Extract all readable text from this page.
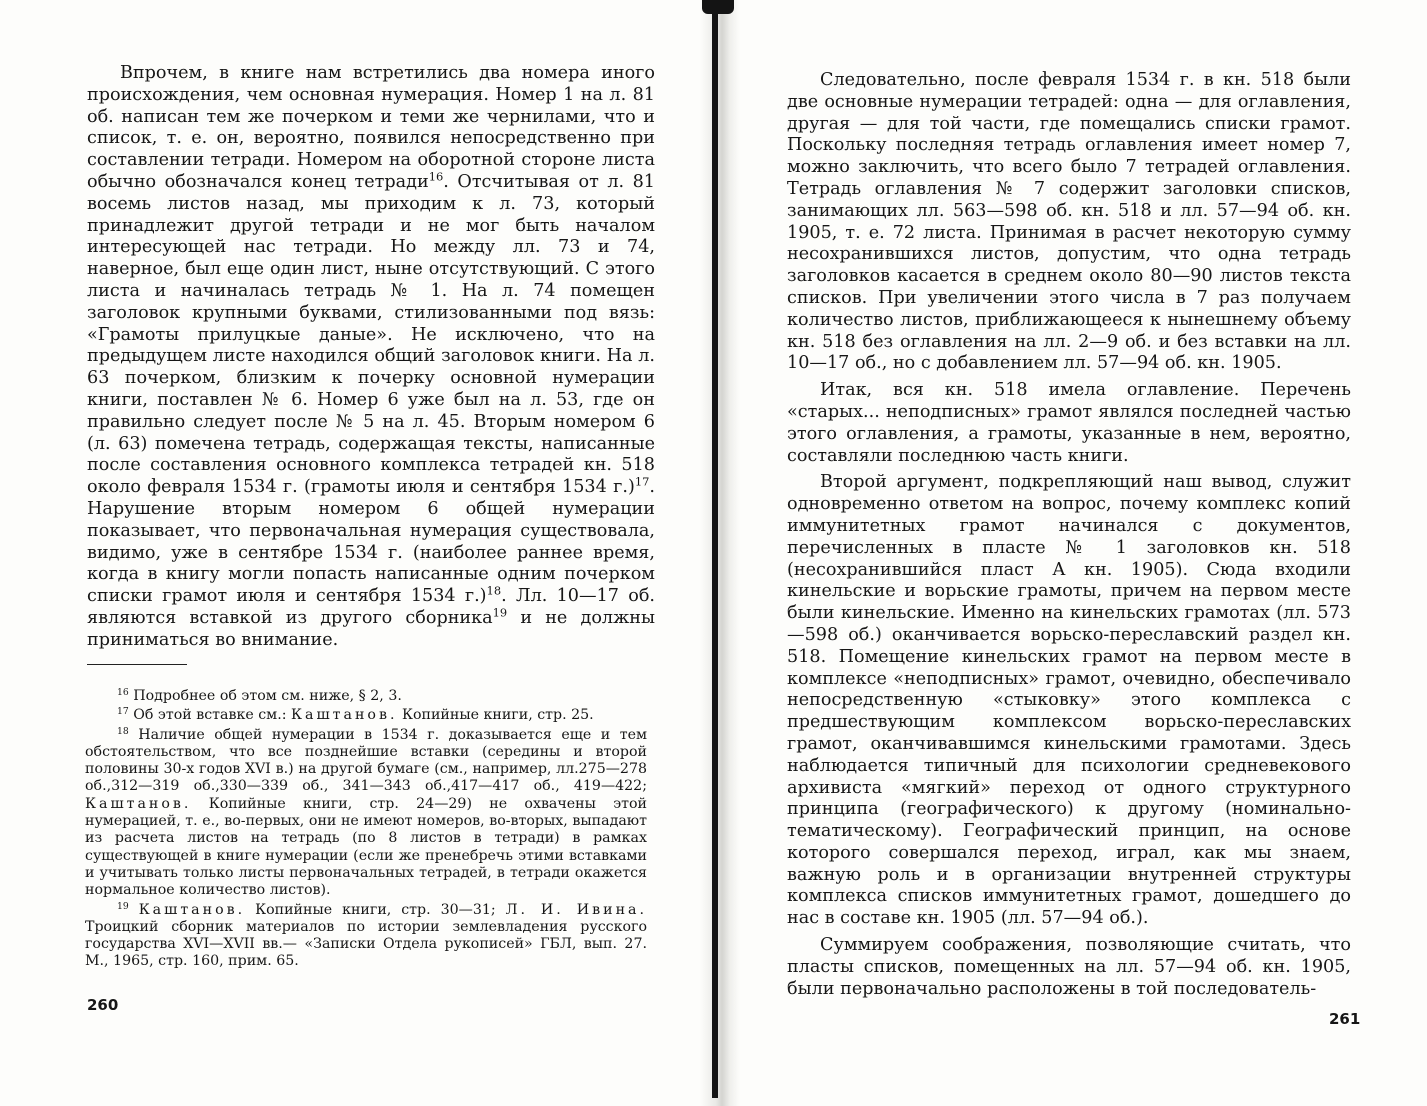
Впрочем, в книге нам встретились два номера иного происхождения, чем основная нумерация. Номер 1 на л. 81 об. написан тем же почерком и теми же чернилами, что и список, т. е. он, вероятно, появился непосредственно при составлении тетради. Номером на оборотной стороне листа обычно обозначался конец тетради$^{16}$. Отсчитывая от л. 81 восемь листов назад, мы приходим к л. 73, который принадлежит другой тетради и не мог быть началом интересующей нас тетради. Но между лл. 73 и 74, наверное, был еще один лист, ныне отсутствующий. С этого листа и начиналась тетрадь № 1. На л. 74 помещен заголовок крупными буквами, стилизованными под вязь: «Грамоты прилуцкые даные». Не исключено, что на предыдущем листе находился общий заголовок книги. На л. 63 почерком, близким к почерку основной нумерации книги, поставлен № 6. Номер 6 уже был на л. 53, где он правильно следует после № 5 на л. 45. Вторым номером 6 (л. 63) помечена тетрадь, содержащая тексты, написанные после составления основного комплекса тетрадей кн. 518 около февраля 1534 г. (грамоты июля и сентября 1534 г.)$^{17}$. Нарушение вторым номером 6 общей нумерации показывает, что первоначальная нумерация существовала, видимо, уже в сентябре 1534 г. (наиболее раннее время, когда в книгу могли попасть написанные одним почерком списки грамот июля и сентября 1534 г.)$^{18}$. Лл. 10—17 об. являются вставкой из другого сборника$^{19}$ и не должны приниматься во внимание.

$^{16}$ Подробнее об этом см. ниже, § 2, 3.

$^{17}$ Об этой вставке см.: Каштанов. Копийные книги, стр. 25.

$^{18}$ Наличие общей нумерации в 1534 г. доказывается еще и тем обстоятельством, что все позднейшие вставки (середины и второй половины 30-х годов XVI в.) на другой бумаге (см., например, лл.275—278 об.,312—319 об.,330—339 об., 341—343 об.,417—417 об., 419—422; Каштанов. Копийные книги, стр. 24—29) не охвачены этой нумерацией, т. е., во-первых, они не имеют номеров, во-вторых, выпадают из расчета листов на тетрадь (по 8 листов в тетради) в рамках существующей в книге нумерации (если же пренебречь этими вставками и учитывать только листы первоначальных тетрадей, в тетради окажется нормальное количество листов).

$^{19}$ Каштанов. Копийные книги, стр. 30—31; Л. И. Ивина. Троицкий сборник материалов по истории землевладения русского государства XVI—XVII вв.— «Записки Отдела рукописей» ГБЛ, вып. 27. М., 1965, стр. 160, прим. 65.

260

Следовательно, после февраля 1534 г. в кн. 518 были две основные нумерации тетрадей: одна — для оглавления, другая — для той части, где помещались списки грамот. Поскольку последняя тетрадь оглавления имеет номер 7, можно заключить, что всего было 7 тетрадей оглавления. Тетрадь оглавления № 7 содержит заголовки списков, занимающих лл. 563—598 об. кн. 518 и лл. 57—94 об. кн. 1905, т. е. 72 листа. Принимая в расчет некоторую сумму несохранившихся листов, допустим, что одна тетрадь заголовков касается в среднем около 80—90 листов текста списков. При увеличении этого числа в 7 раз получаем количество листов, приближающееся к нынешнему объему кн. 518 без оглавления на лл. 2—9 об. и без вставки на лл. 10—17 об., но с добавлением лл. 57—94 об. кн. 1905.

Итак, вся кн. 518 имела оглавление. Перечень «старых... неподписных» грамот являлся последней частью этого оглавления, а грамоты, указанные в нем, вероятно, составляли последнюю часть книги.

Второй аргумент, подкрепляющий наш вывод, служит одновременно ответом на вопрос, почему комплекс копий иммунитетных грамот начинался с документов, перечисленных в пласте № 1 заголовков кн. 518 (несохранившийся пласт А кн. 1905). Сюда входили кинельские и ворьские грамоты, причем на первом месте были кинельские. Именно на кинельских грамотах (лл. 573—598 об.) оканчивается ворьско-переславский раздел кн. 518. Помещение кинельских грамот на первом месте в комплексе «неподписных» грамот, очевидно, обеспечивало непосредственную «стыковку» этого комплекса с предшествующим комплексом ворьско-переславских грамот, оканчивавшимся кинельскими грамотами. Здесь наблюдается типичный для психологии средневекового архивиста «мягкий» переход от одного структурного принципа (географического) к другому (номинально-тематическому). Географический принцип, на основе которого совершался переход, играл, как мы знаем, важную роль и в организации внутренней структуры комплекса списков иммунитетных грамот, дошедшего до нас в составе кн. 1905 (лл. 57—94 об.).

Суммируем соображения, позволяющие считать, что пласты списков, помещенных на лл. 57—94 об. кн. 1905, были первоначально расположены в той последователь-

261
